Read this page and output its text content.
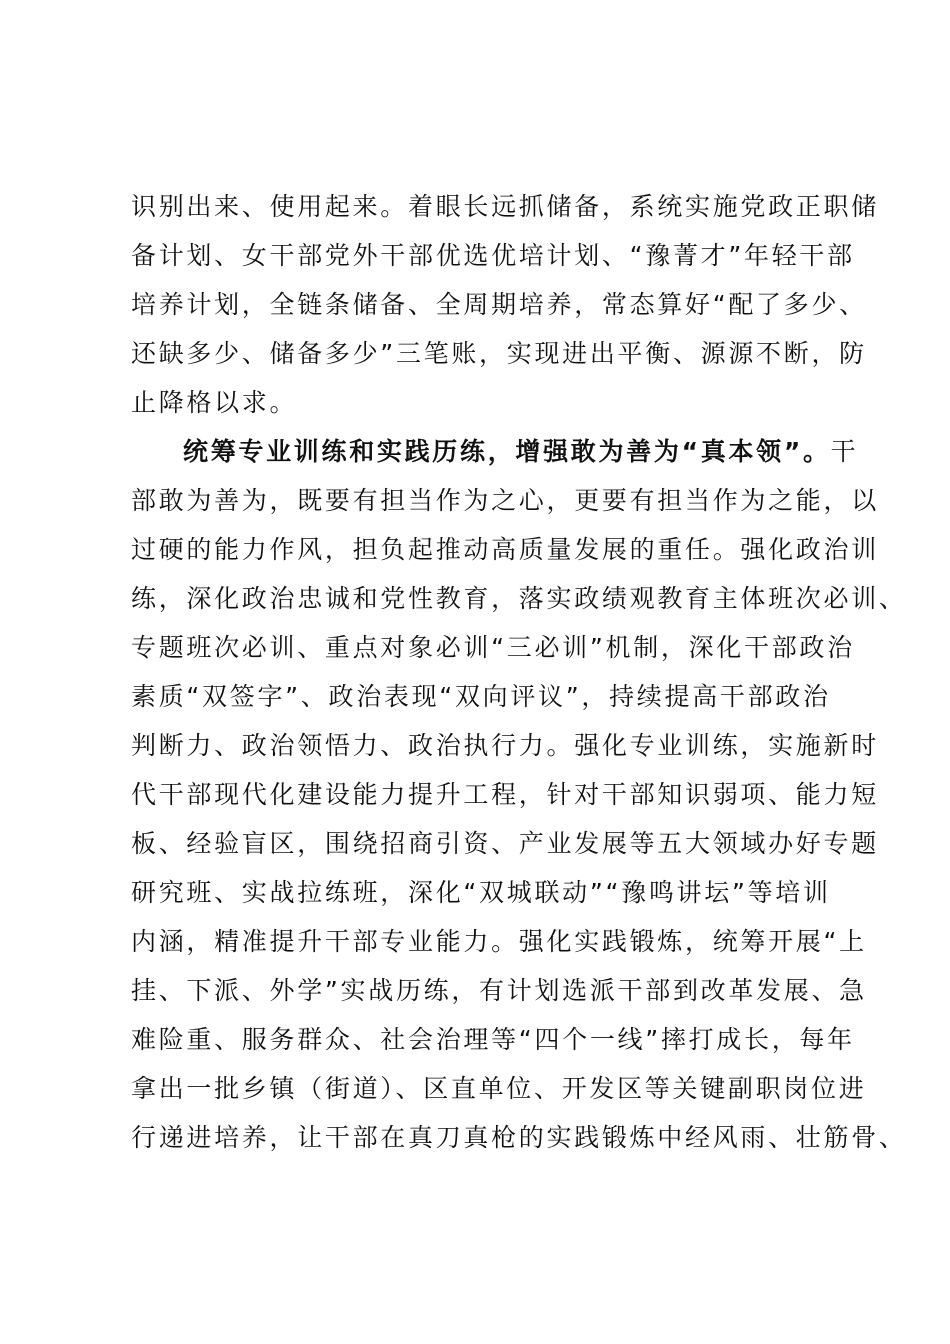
识别出来、使用起来。着眼长远抓储备，系统实施党政正职储
备计划、女干部党外干部优选优培计划、“豫菁才”年轻干部
培养计划，全链条储备、全周期培养，常态算好“配了多少、
还缺多少、储备多少”三笔账，实现进出平衡、源源不断，防
止降格以求。
统筹专业训练和实践历练，增强敢为善为“真本领”。干
部敢为善为，既要有担当作为之心，更要有担当作为之能，以
过硬的能力作风，担负起推动高质量发展的重任。强化政治训
练，深化政治忠诚和党性教育，落实政绩观教育主体班次必训、
专题班次必训、重点对象必训“三必训”机制，深化干部政治
素质“双签字”、政治表现“双向评议”，持续提高干部政治
判断力、政治领悟力、政治执行力。强化专业训练，实施新时
代干部现代化建设能力提升工程，针对干部知识弱项、能力短
板、经验盲区，围绕招商引资、产业发展等五大领域办好专题
研究班、实战拉练班，深化“双城联动”“豫鸣讲坛”等培训
内涵，精准提升干部专业能力。强化实践锻炼，统筹开展“上
挂、下派、外学”实战历练，有计划选派干部到改革发展、急
难险重、服务群众、社会治理等“四个一线”摔打成长，每年
拿出一批乡镇（街道）、区直单位、开发区等关键副职岗位进
行递进培养，让干部在真刀真枪的实践锻炼中经风雨、壮筋骨、
